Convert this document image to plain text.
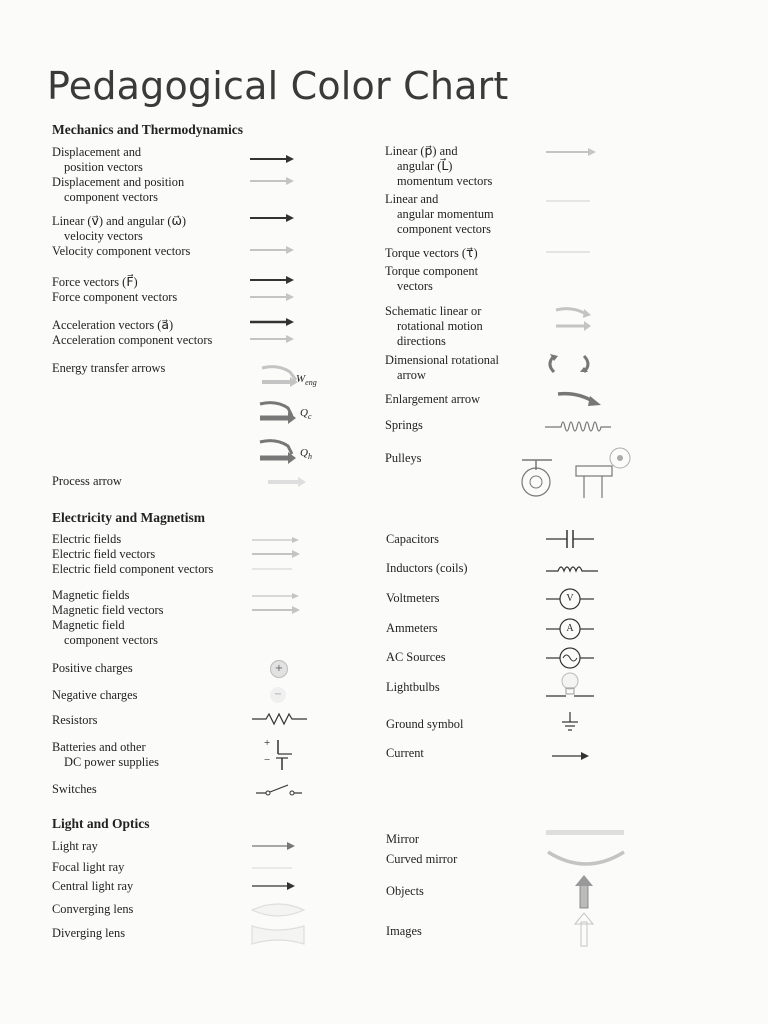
Pedagogical Color Chart
Mechanics and Thermodynamics
Displacement and
position vectors
Displacement and position
component vectors
Linear (v⃗) and angular (ω⃗)
velocity vectors
Velocity component vectors
Force vectors (F⃗)
Force component vectors
Acceleration vectors (a⃗)
Acceleration component vectors
Energy transfer arrows
Process arrow
$W_{eng}$
$Q_c$
$Q_h$
Linear (p⃗) and
angular (L⃗)
momentum vectors
Linear and
angular momentum
component vectors
Torque vectors (τ⃗)
Torque component
vectors
Schematic linear or
rotational motion
directions
Dimensional rotational
arrow
Enlargement arrow
Springs
Pulleys
Electricity and Magnetism
Electric fields
Electric field vectors
Electric field component vectors
Magnetic fields
Magnetic field vectors
Magnetic field
component vectors
Positive charges
Negative charges
Resistors
Batteries and other
DC power supplies
Switches
+
−
+
−
Capacitors
Inductors (coils)
Voltmeters
Ammeters
AC Sources
Lightbulbs
Ground symbol
Current
V
A
Light and Optics
Light ray
Focal light ray
Central light ray
Converging lens
Diverging lens
Mirror
Curved mirror
Objects
Images
